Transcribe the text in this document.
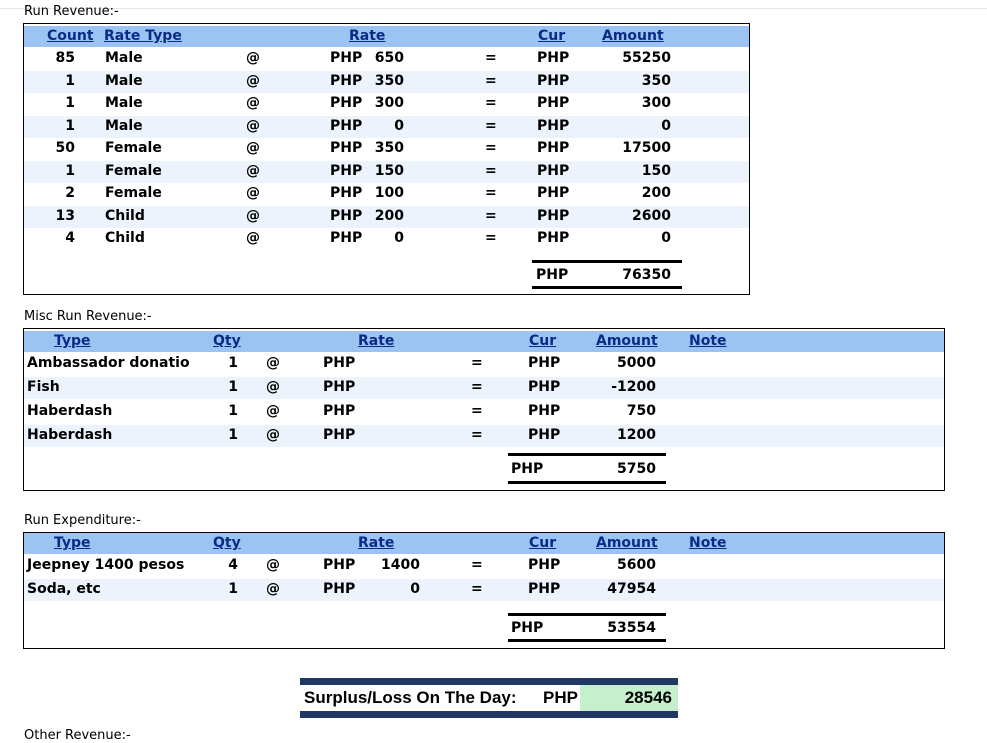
Run Revenue:-
Count Rate Type	Rate	Cur	Amount
85 Male	@	PHP 650	=	PHP	55250
1 Male	@	PHP 350	=	PHP	350
1 Male	@	PHP 300	=	PHP	300
1 Male	@	PHP	0	=	PHP	0
50 Female	@	PHP 350	=	PHP	17500
1 Female	@	PHP 150	=	PHP	150
2 Female	@	PHP 100	=	PHP	200
13 Child	@	PHP 200	=	PHP	2600
4 Child	@	PHP	0	=	PHP	0
PHP	76350
Misc Run Revenue:-
Type	Qty	Rate	Cur	Amount Note
Ambassador donatio	1 @	PHP	=	PHP	5000
Fish	1 @	PHP	=	PHP	-1200
Haberdash	1 @	PHP	=	PHP	750
Haberdash	1 @	PHP	=	PHP	1200
PHP	5750
Run Expenditure:-
Type	Qty	Rate	Cur	Amount Note
Jeepney 1400 pesos	4 @	PHP	1400	=	PHP	5600
Soda, etc	1 @	PHP	0	=	PHP	47954
PHP	53554
Surplus/Loss On The Day: PHP	28546
Other Revenue:-
